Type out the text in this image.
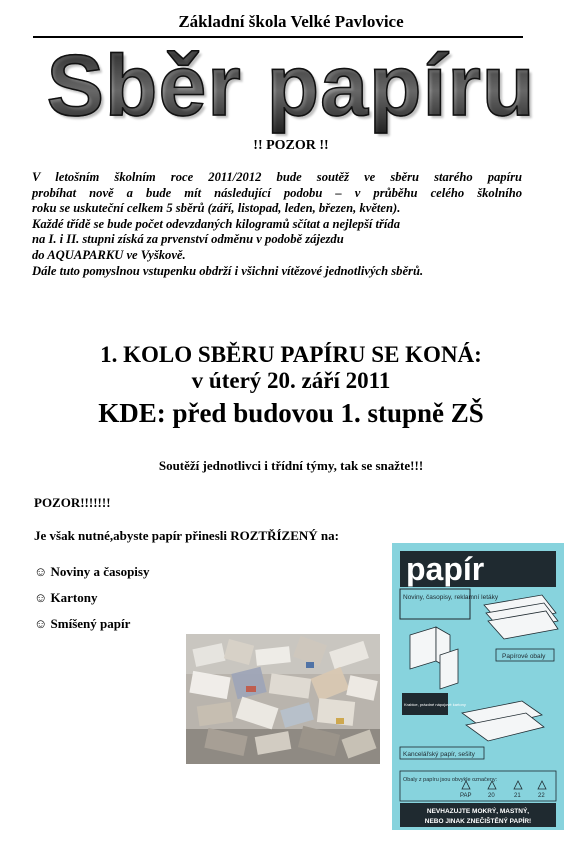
Základní škola Velké Pavlovice
Sběr papíru
!! POZOR !!
V letošním školním roce 2011/2012 bude soutěž ve sběru starého papíru
probíhat nově a bude mít následující podobu – v průběhu celého školního
roku se uskuteční celkem 5 sběrů (září, listopad, leden, březen, květen).
Každé třídě se bude počet odevzdaných kilogramů sčítat a nejlepší třída
na I. i II. stupni získá za prvenství odměnu v podobě zájezdu
do AQUAPARKU ve Vyškově.
Dále tuto pomyslnou vstupenku obdrží i všichni vítězové jednotlivých sběrů.
1. KOLO SBĚRU PAPÍRU SE KONÁ:
v úterý 20. září 2011
KDE: před budovou 1. stupně ZŠ
Soutěží jednotlivci i třídní týmy, tak se snažte!!!
POZOR!!!!!!!
Je však nutné,abyste papír přinesli ROZTŘÍZENÝ na:
☺ Noviny a časopisy
☺ Kartony
☺ Smíšený papír
papír
Noviny, časopisy, reklamní letáky
Papírové obaly
Krabice, prázdné nápojové kartony
Kancelářský papír, sešity
Obaly z papíru jsou obvykle označeny:
PAP	20	21	22
NEVHAZUJTE MOKRÝ, MASTNÝ,
NEBO JINAK ZNEČIŠTĚNÝ PAPÍR!
